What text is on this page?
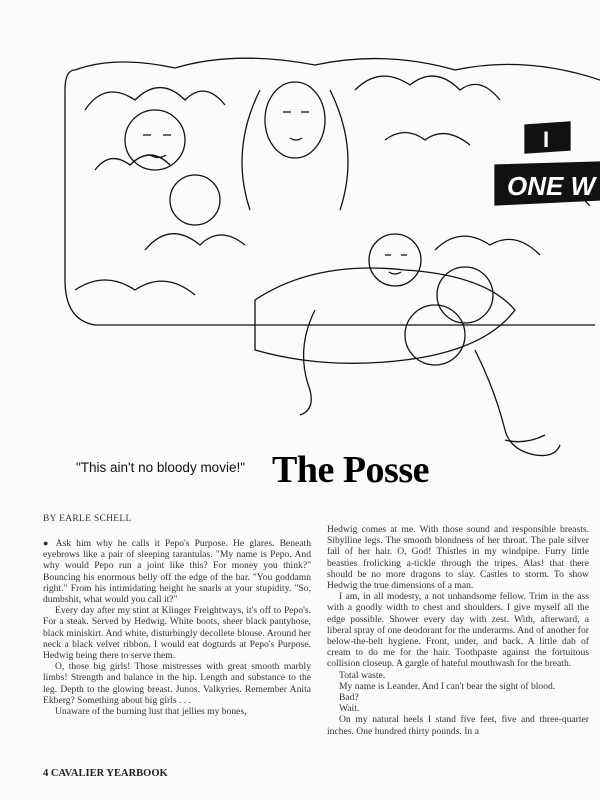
ONE W
I
"This ain't no bloody movie!" The Posse
BY EARLE SCHELL

● Ask him why he calls it Pepo's Purpose. He glares. Beneath eyebrows like a pair of sleeping tarantulas. "My name is Pepo. And why would Pepo run a joint like this? For money you think?" Bouncing his enormous belly off the edge of the bar. "You goddamn right." From his intimidating height he snarls at your stupidity. "So, dumbshit, what would you call it?"

Every day after my stint at Klinger Freightways, it's off to Pepo's. For a steak. Served by Hedwig. White boots, sheer black pantyhose, black miniskirt. And white, disturbingly decollete blouse. Around her neck a black velvet ribbon. I would eat dogturds at Pepo's Purpose. Hedwig being there to serve them.

O, those big girls! Those mistresses with great smooth marbly limbs! Strength and balance in the hip. Length and substance to the leg. Depth to the glowing breast. Junos. Valkyries. Remember Anita Ekberg? Something about big girls . . .

Unaware of the burning lust that jellies my bones,

Hedwig comes at me. With those sound and responsible breasts. Sibylline legs. The smooth blondness of her throat. The pale silver fall of her hair. O, God! Thistles in my windpipe. Furry little beasties frolicking a-tickle through the tripes. Alas! that there should be no more dragons to slay. Castles to storm. To show Hedwig the true dimensions of a man.

I am, in all modesty, a not unhandsome fellow. Trim in the ass with a goodly width to chest and shoulders. I give myself all the edge possible. Shower every day with zest. With, afterward, a liberal spray of one deodorant for the underarms. And of another for below-the-belt hygiene. Front, under, and back. A little dab of cream to do me for the hair. Toothpaste against the fortuitous collision closeup. A gargle of hateful mouthwash for the breath.

Total waste.

My name is Leander. And I can't bear the sight of blood.

Bad?

Wait.

On my natural heels I stand five feet, five and three-quarter inches. One hundred thirty pounds. In a

4 CAVALIER YEARBOOK
